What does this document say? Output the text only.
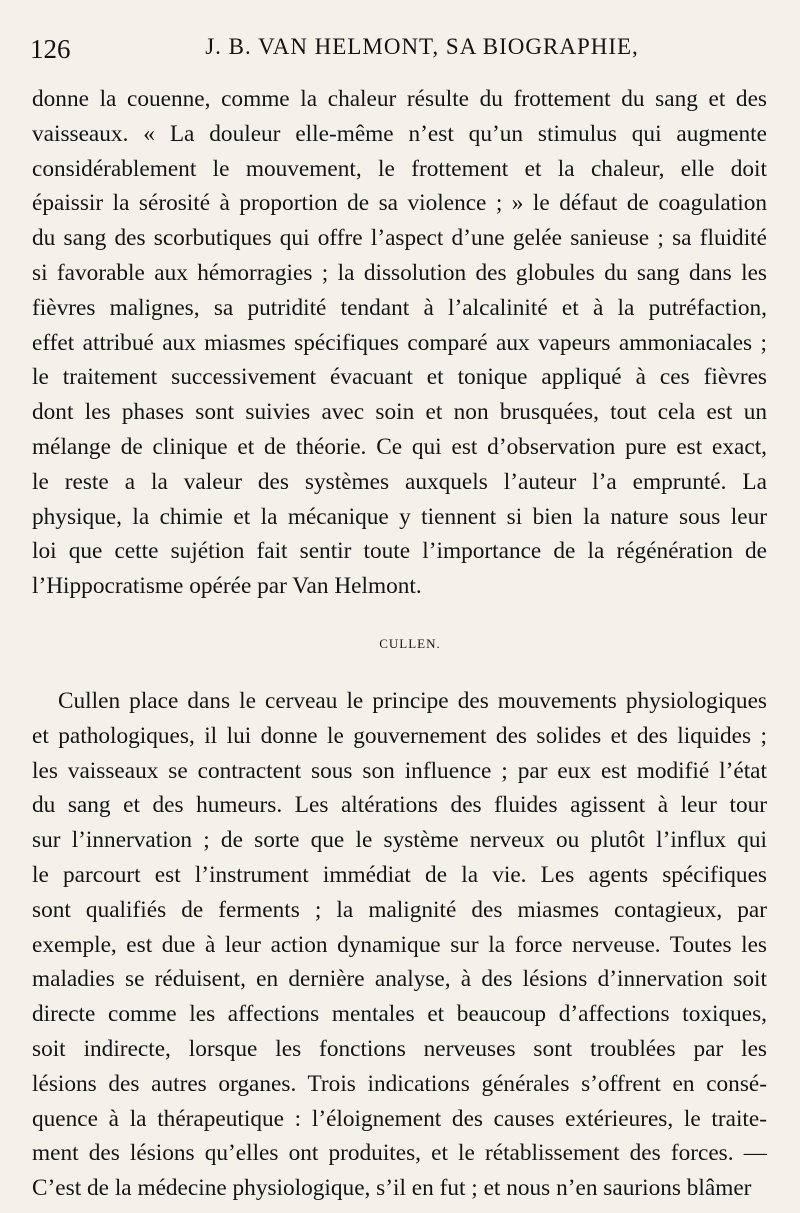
126	J. B. VAN HELMONT, SA BIOGRAPHIE,
donne la couenne, comme la chaleur résulte du frottement du sang et des
vaisseaux. « La douleur elle-même n’est qu’un stimulus qui augmente
considérablement le mouvement, le frottement et la chaleur, elle doit
épaissir la sérosité à proportion de sa violence ; » le défaut de coagulation
du sang des scorbutiques qui offre l’aspect d’une gelée sanieuse ; sa fluidité
si favorable aux hémorragies ; la dissolution des globules du sang dans les
fièvres malignes, sa putridité tendant à l’alcalinité et à la putréfaction,
effet attribué aux miasmes spécifiques comparé aux vapeurs ammoniacales ;
le traitement successivement évacuant et tonique appliqué à ces fièvres
dont les phases sont suivies avec soin et non brusquées, tout cela est un
mélange de clinique et de théorie. Ce qui est d’observation pure est exact,
le reste a la valeur des systèmes auxquels l’auteur l’a emprunté. La
physique, la chimie et la mécanique y tiennent si bien la nature sous leur
loi que cette sujétion fait sentir toute l’importance de la régénération de
l’Hippocratisme opérée par Van Helmont.
CULLEN.
Cullen place dans le cerveau le principe des mouvements physiologiques
et pathologiques, il lui donne le gouvernement des solides et des liquides ;
les vaisseaux se contractent sous son influence ; par eux est modifié l’état
du sang et des humeurs. Les altérations des fluides agissent à leur tour
sur l’innervation ; de sorte que le système nerveux ou plutôt l’influx qui
le parcourt est l’instrument immédiat de la vie. Les agents spécifiques
sont qualifiés de ferments ; la malignité des miasmes contagieux, par
exemple, est due à leur action dynamique sur la force nerveuse. Toutes les
maladies se réduisent, en dernière analyse, à des lésions d’innervation soit
directe comme les affections mentales et beaucoup d’affections toxiques,
soit indirecte, lorsque les fonctions nerveuses sont troublées par les
lésions des autres organes. Trois indications générales s’offrent en consé-
quence à la thérapeutique : l’éloignement des causes extérieures, le traite-
ment des lésions qu’elles ont produites, et le rétablissement des forces. —
C’est de la médecine physiologique, s’il en fut ; et nous n’en saurions blâmer
